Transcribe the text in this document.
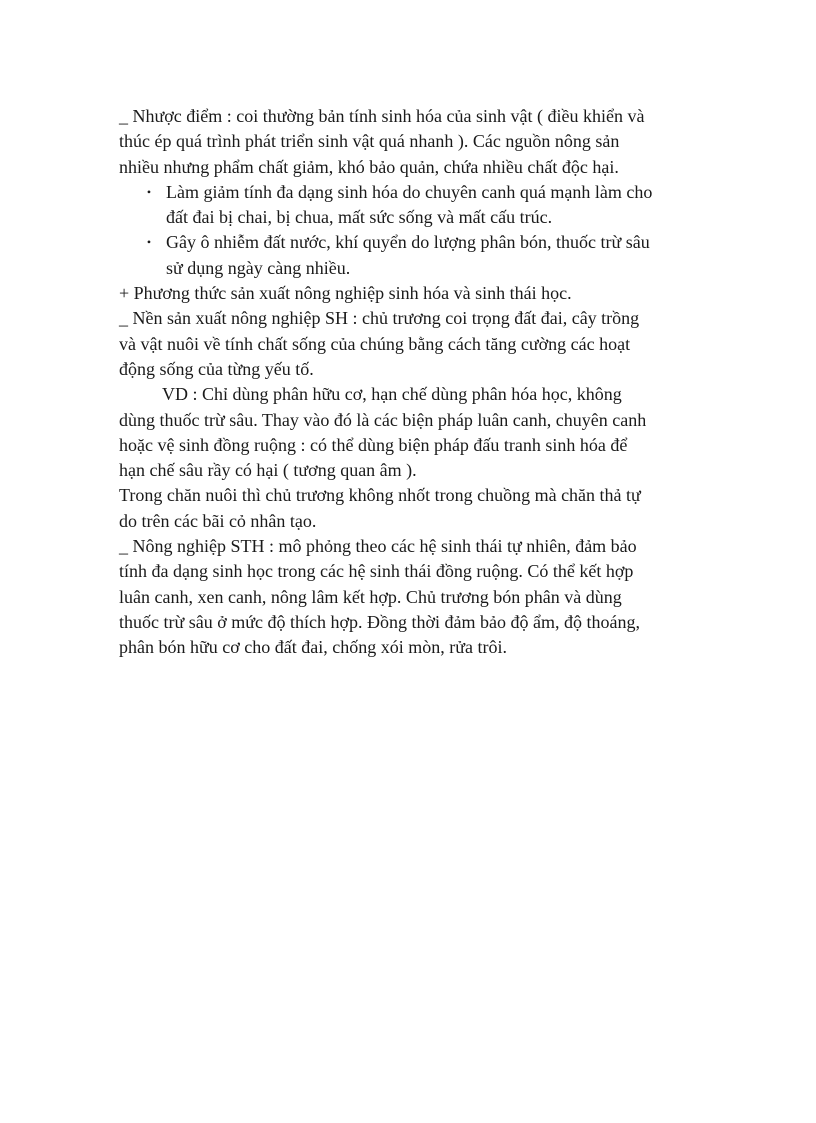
_ Nhược điểm : coi thường bản tính sinh hóa của sinh vật ( điều khiển và
thúc ép quá trình phát triển sinh vật quá nhanh ). Các nguồn nông sản
nhiều nhưng phẩm chất giảm, khó bảo quản, chứa nhiều chất độc hại.
• Làm giảm tính đa dạng sinh hóa do chuyên canh quá mạnh làm cho
đất đai bị chai, bị chua, mất sức sống và mất cấu trúc.
• Gây ô nhiễm đất nước, khí quyển do lượng phân bón, thuốc trừ sâu
sử dụng ngày càng nhiều.
+ Phương thức sản xuất nông nghiệp sinh hóa và sinh thái học.
_ Nền sản xuất nông nghiệp SH : chủ trương coi trọng đất đai, cây trồng
và vật nuôi về tính chất sống của chúng bằng cách tăng cường các hoạt
động sống của từng yếu tố.
VD : Chỉ dùng phân hữu cơ, hạn chế dùng phân hóa học, không
dùng thuốc trừ sâu. Thay vào đó là các biện pháp luân canh, chuyên canh
hoặc vệ sinh đồng ruộng : có thể dùng biện pháp đấu tranh sinh hóa để
hạn chế sâu rầy có hại ( tương quan âm ).
Trong chăn nuôi thì chủ trương không nhốt trong chuồng mà chăn thả tự
do trên các bãi cỏ nhân tạo.
_ Nông nghiệp STH : mô phỏng theo các hệ sinh thái tự nhiên, đảm bảo
tính đa dạng sinh học trong các hệ sinh thái đồng ruộng. Có thể kết hợp
luân canh, xen canh, nông lâm kết hợp. Chủ trương bón phân và dùng
thuốc trừ sâu ở mức độ thích hợp. Đồng thời đảm bảo độ ẩm, độ thoáng,
phân bón hữu cơ cho đất đai, chống xói mòn, rửa trôi.
